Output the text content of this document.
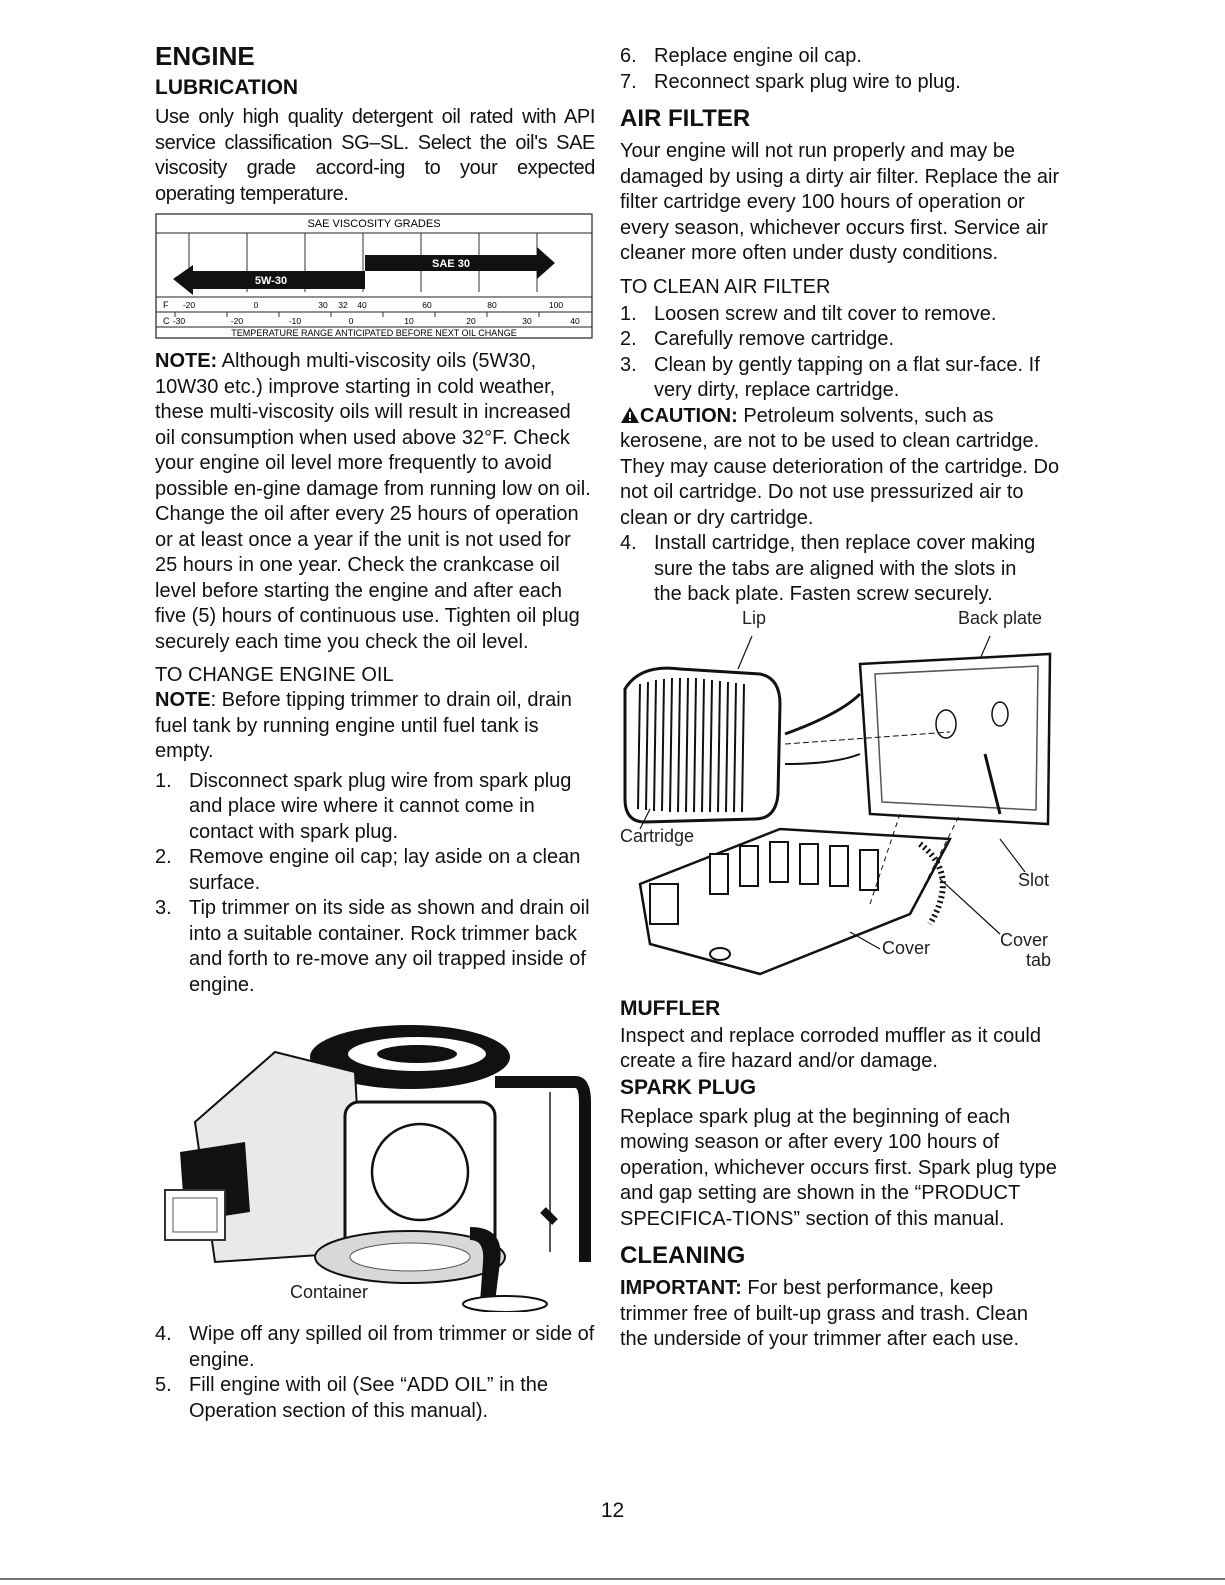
ENGINE
LUBRICATION

Use only high quality detergent oil rated with API service classification SG–SL. Select the oil's SAE viscosity grade accord-ing to your expected operating temperature.

SAE VISCOSITY GRADES
5W-30
SAE 30
F -20	0	30 32 40	60	80	100
C -30	-20	-10	0	10	20	30	40
TEMPERATURE RANGE ANTICIPATED BEFORE NEXT OIL CHANGE

NOTE: Although multi-viscosity oils (5W30, 10W30 etc.) improve starting in cold weather, these multi-viscosity oils will result in increased oil consumption when used above 32°F. Check your engine oil level more frequently to avoid possible en-gine damage from running low on oil. Change the oil after every 25 hours of operation or at least once a year if the unit is not used for 25 hours in one year. Check the crankcase oil level before starting the engine and after each five (5) hours of continuous use. Tighten oil plug securely each time you check the oil level.

TO CHANGE ENGINE OIL

NOTE: Before tipping trimmer to drain oil, drain fuel tank by running engine until fuel tank is empty.

1. Disconnect spark plug wire from spark plug and place wire where it cannot come in contact with spark plug.
2. Remove engine oil cap; lay aside on a clean surface.
3. Tip trimmer on its side as shown and drain oil into a suitable container. Rock trimmer back and forth to re-move any oil trapped inside of engine.
Container
4. Wipe off any spilled oil from trimmer or side of engine.
5. Fill engine with oil (See “ADD OIL” in the Operation section of this manual).
6. Replace engine oil cap.
7. Reconnect spark plug wire to plug.
AIR FILTER

Your engine will not run properly and may be damaged by using a dirty air filter. Replace the air filter cartridge every 100 hours of operation or every season, whichever occurs first. Service air cleaner more often under dusty conditions.

TO CLEAN AIR FILTER
1. Loosen screw and tilt cover to remove.
2. Carefully remove cartridge.
3. Clean by gently tapping on a flat sur-face. If very dirty, replace cartridge.

CAUTION: Petroleum solvents, such as kerosene, are not to be used to clean cartridge. They may cause deterioration of the cartridge. Do not oil cartridge. Do not use pressurized air to clean or dry cartridge.

4. Install cartridge, then replace cover making sure the tabs are aligned with the slots in the back plate. Fasten screw securely.
Lip	Back plate
Cartridge
Slot
Cover	Cover
tab
MUFFLER

Inspect and replace corroded muffler as it could create a fire hazard and/or damage.

SPARK PLUG

Replace spark plug at the beginning of each mowing season or after every 100 hours of operation, whichever occurs first. Spark plug type and gap setting are shown in the “PRODUCT SPECIFICA-TIONS” section of this manual.

CLEANING

IMPORTANT: For best performance, keep trimmer free of built-up grass and trash. Clean the underside of your trimmer after each use.

12
